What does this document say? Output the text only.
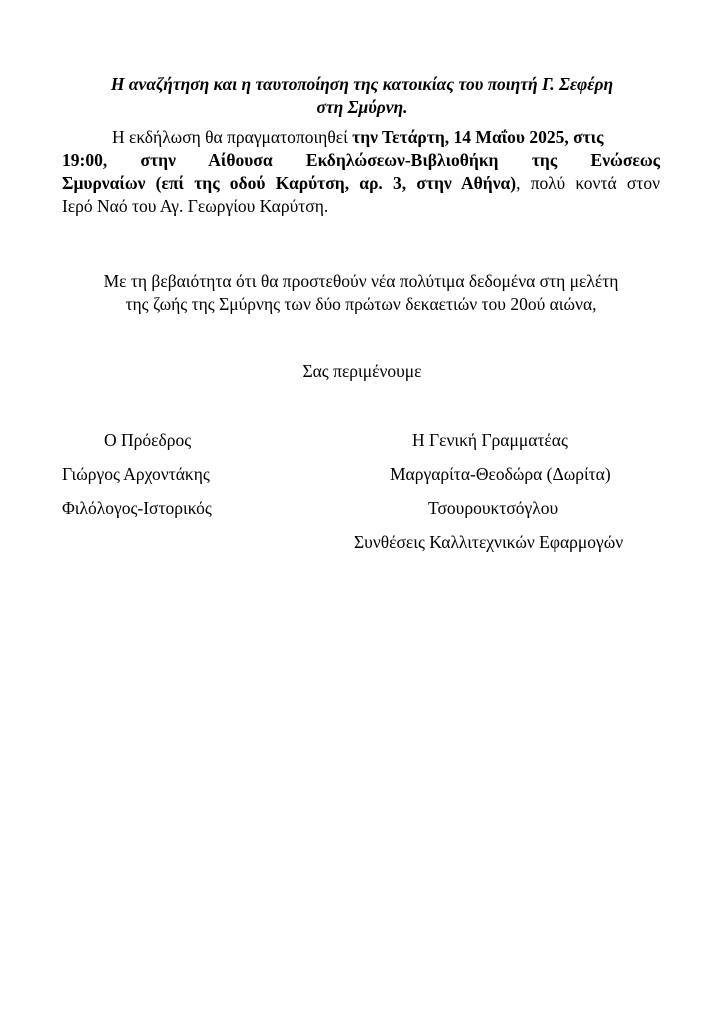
Η αναζήτηση και η ταυτοποίηση της κατοικίας του ποιητή Γ. Σεφέρη
στη Σμύρνη.
Η εκδήλωση θα πραγματοποιηθεί την Τετάρτη, 14 Μαΐου 2025, στις
19:00, στην Αίθουσα Εκδηλώσεων-Βιβλιοθήκη της Ενώσεως
Σμυρναίων (επί της οδού Καρύτση, αρ. 3, στην Αθήνα), πολύ κοντά στον
Ιερό Ναό του Αγ. Γεωργίου Καρύτση.
Με τη βεβαιότητα ότι θα προστεθούν νέα πολύτιμα δεδομένα στη μελέτη
της ζωής της Σμύρνης των δύο πρώτων δεκαετιών του 20ού αιώνα,
Σας περιμένουμε
Ο Πρόεδρος
Γιώργος Αρχοντάκης
Φιλόλογος-Ιστορικός
Η Γενική Γραμματέας
Μαργαρίτα-Θεοδώρα (Δωρίτα)
Τσουρουκτσόγλου
Συνθέσεις Καλλιτεχνικών Εφαρμογών
